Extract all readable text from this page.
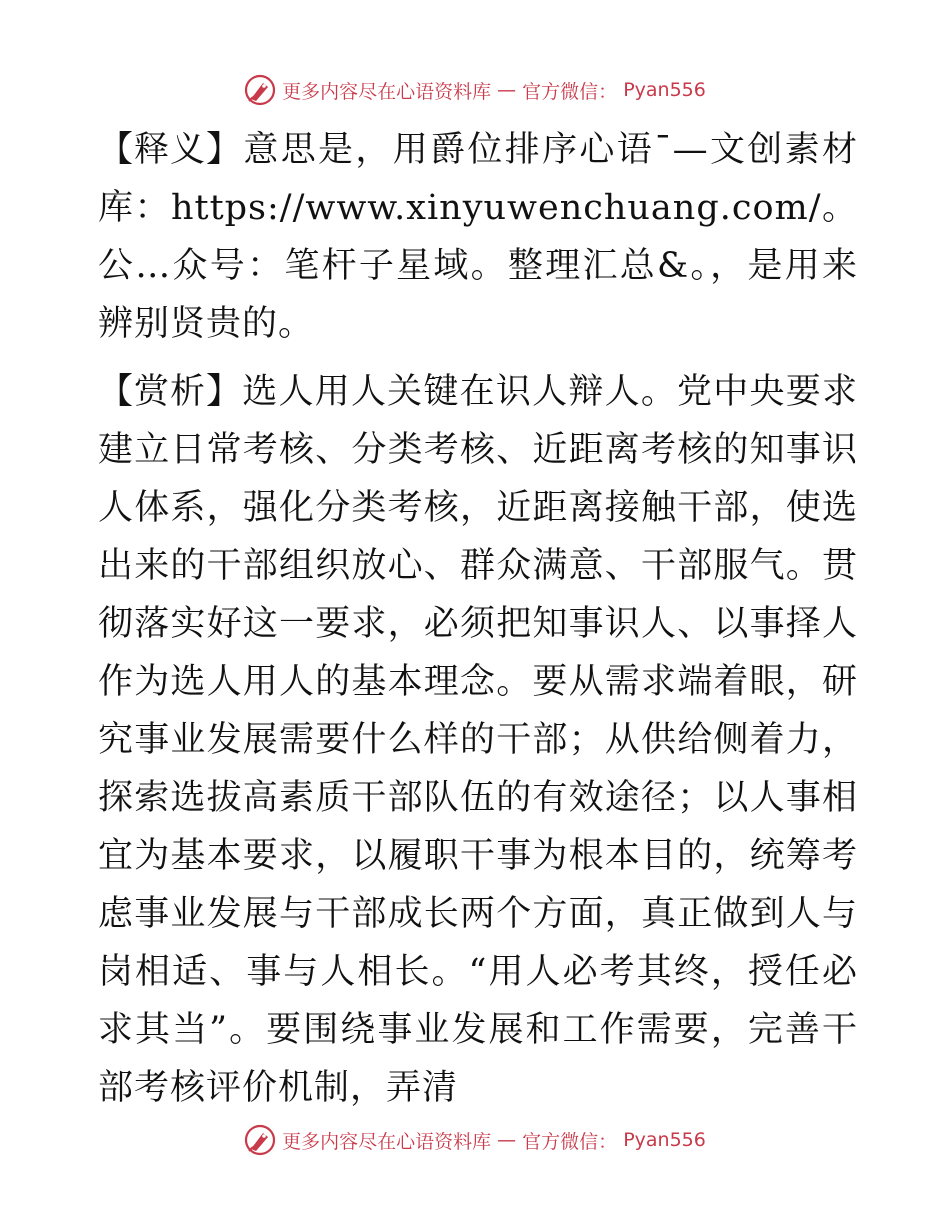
更多内容尽在心语资料库 — 官方微信： Pyan556

【释义】意思是，用爵位排序心语¯—文创素材库：https://www.xinyuwenchuang.com/。公…众号：笔杆子星域。整理汇总&。，是用来辨别贤贵的。

【赏析】选人用人关键在识人辩人。党中央要求建立日常考核、分类考核、近距离考核的知事识人体系，强化分类考核，近距离接触干部，使选出来的干部组织放心、群众满意、干部服气。贯彻落实好这一要求，必须把知事识人、以事择人作为选人用人的基本理念。要从需求端着眼，研究事业发展需要什么样的干部；从供给侧着力，探索选拔高素质干部队伍的有效途径；以人事相宜为基本要求，以履职干事为根本目的，统筹考虑事业发展与干部成长两个方面，真正做到人与岗相适、事与人相长。“用人必考其终，授任必求其当”。要围绕事业发展和工作需要，完善干部考核评价机制，弄清

更多内容尽在心语资料库 — 官方微信： Pyan556
